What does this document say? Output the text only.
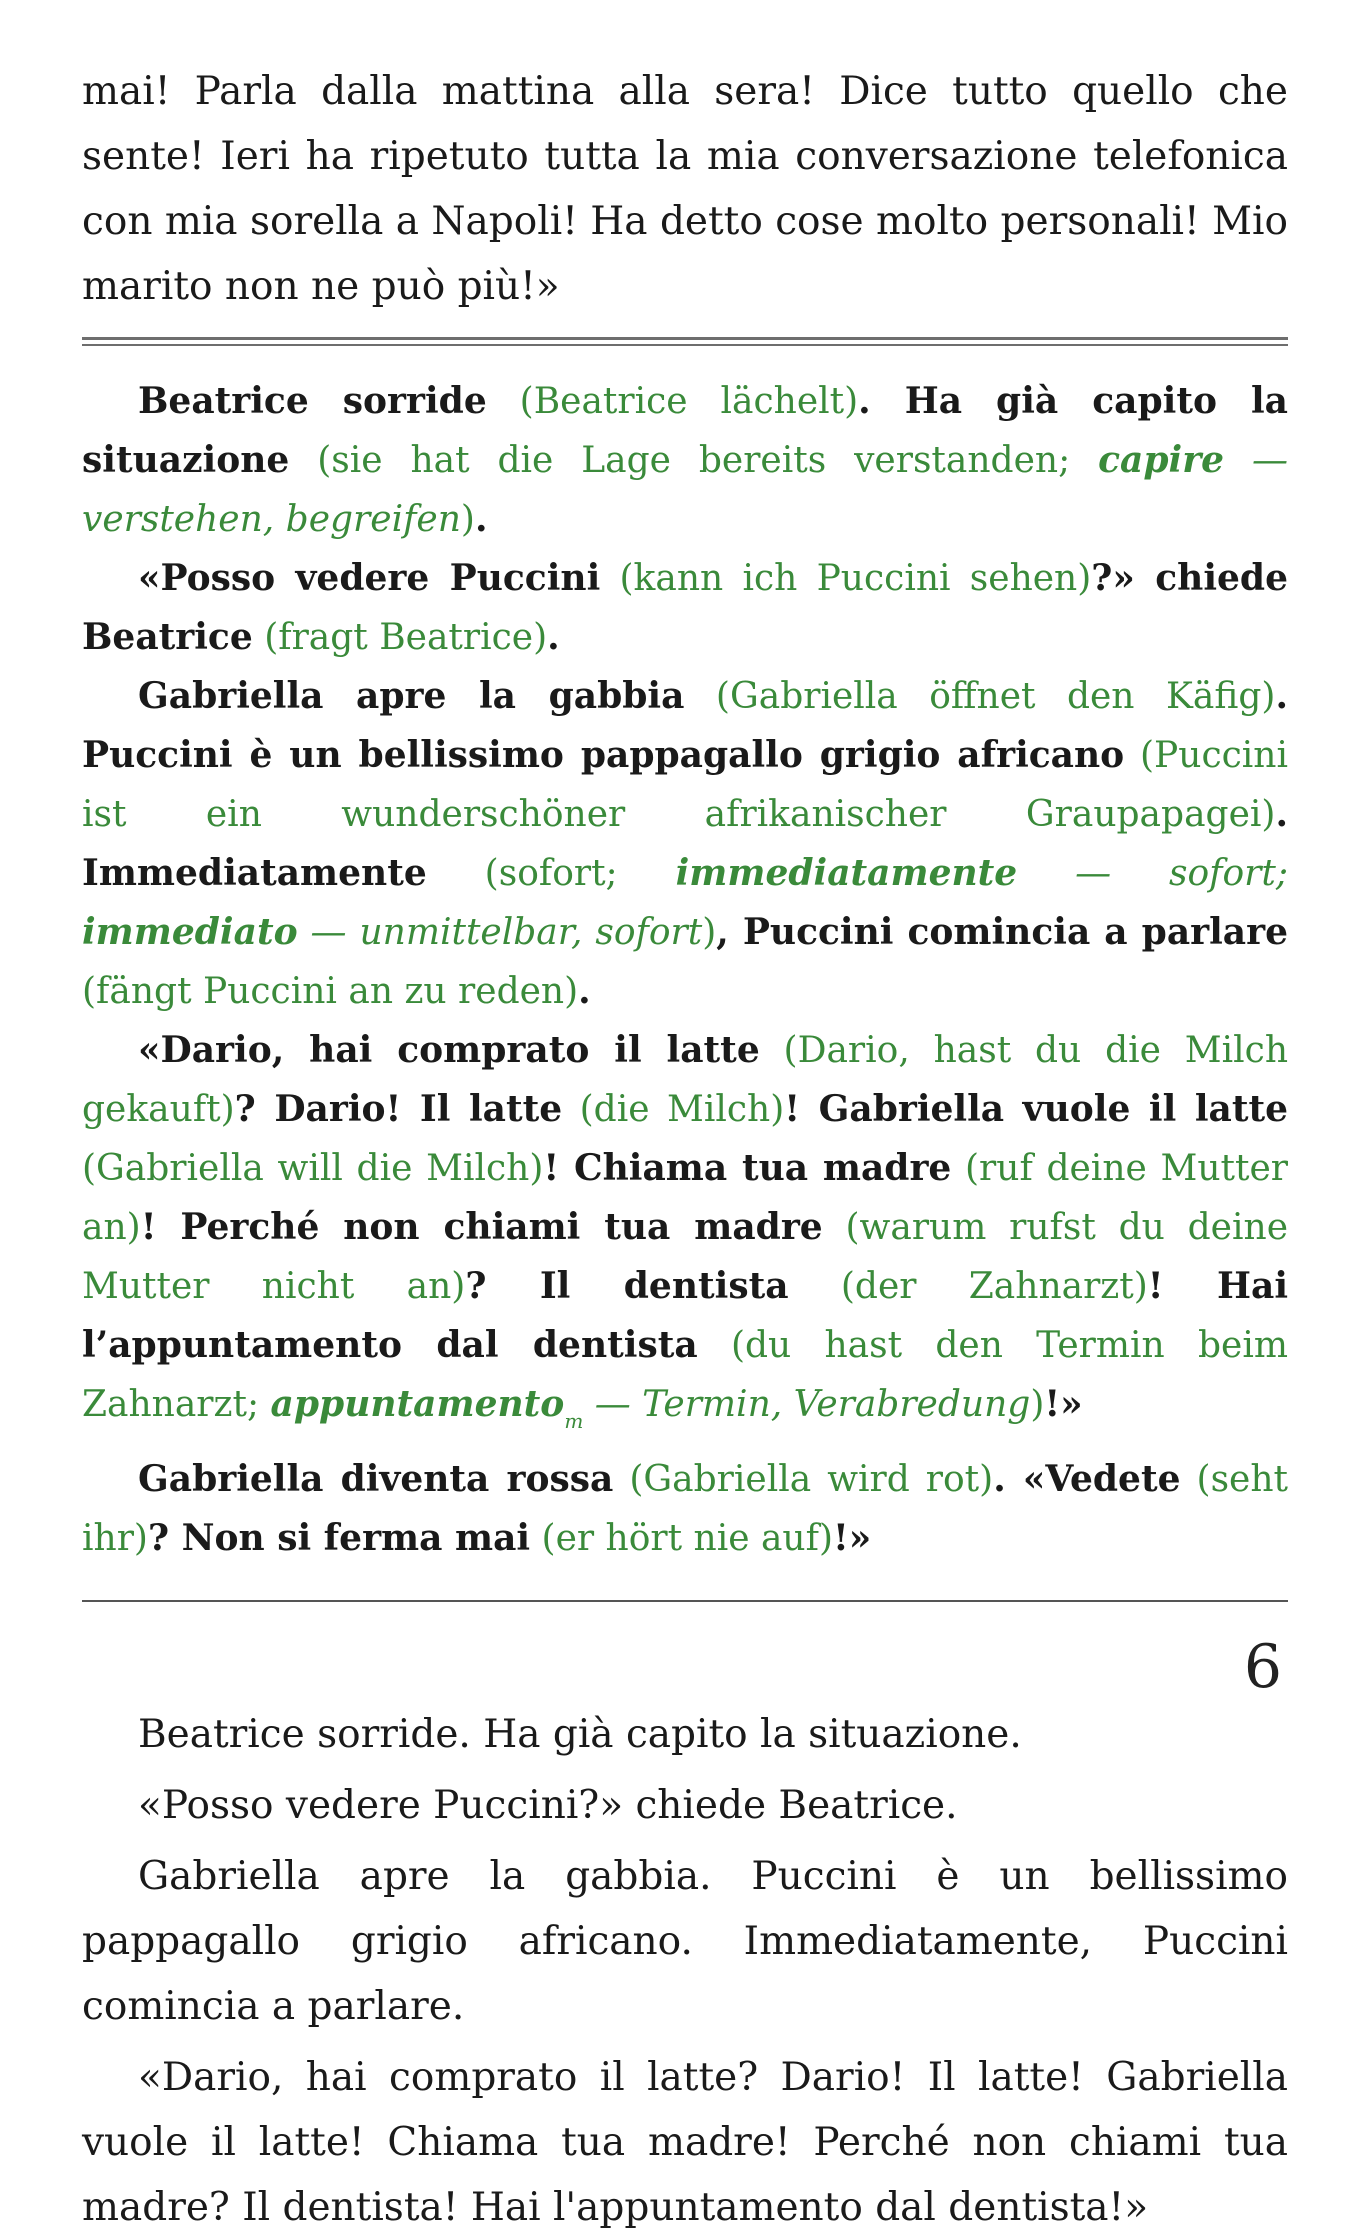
mai! Parla dalla mattina alla sera! Dice tutto quello che sente! Ieri ha ripetuto tutta la mia conversazione telefonica con mia sorella a Napoli! Ha detto cose molto personali! Mio marito non ne può più!»

Beatrice sorride (Beatrice lächelt). Ha già capito la situazione (sie hat die Lage bereits verstanden; capire — verstehen, begreifen).

«Posso vedere Puccini (kann ich Puccini sehen)?» chiede Beatrice (fragt Beatrice).

Gabriella apre la gabbia (Gabriella öffnet den Käfig). Puccini è un bellissimo pappagallo grigio africano (Puccini ist ein wunderschöner afrikanischer Graupapagei). Immediatamente (sofort; immediatamente — sofort; immediato — unmittelbar, sofort), Puccini comincia a parlare (fängt Puccini an zu reden).

«Dario, hai comprato il latte (Dario, hast du die Milch gekauft)? Dario! Il latte (die Milch)! Gabriella vuole il latte (Gabriella will die Milch)! Chiama tua madre (ruf deine Mutter an)! Perché non chiami tua madre (warum rufst du deine Mutter nicht an)? Il dentista (der Zahnarzt)! Hai l’appuntamento dal dentista (du hast den Termin beim Zahnarzt; appuntamento$_m$ — Termin, Verabredung)!»

Gabriella diventa rossa (Gabriella wird rot). «Vedete (seht ihr)? Non si ferma mai (er hört nie auf)!»

6

Beatrice sorride. Ha già capito la situazione.

«Posso vedere Puccini?» chiede Beatrice.

Gabriella apre la gabbia. Puccini è un bellissimo pappagallo grigio africano. Immediatamente, Puccini comincia a parlare.

«Dario, hai comprato il latte? Dario! Il latte! Gabriella vuole il latte! Chiama tua madre! Perché non chiami tua madre? Il dentista! Hai l'appuntamento dal dentista!»
